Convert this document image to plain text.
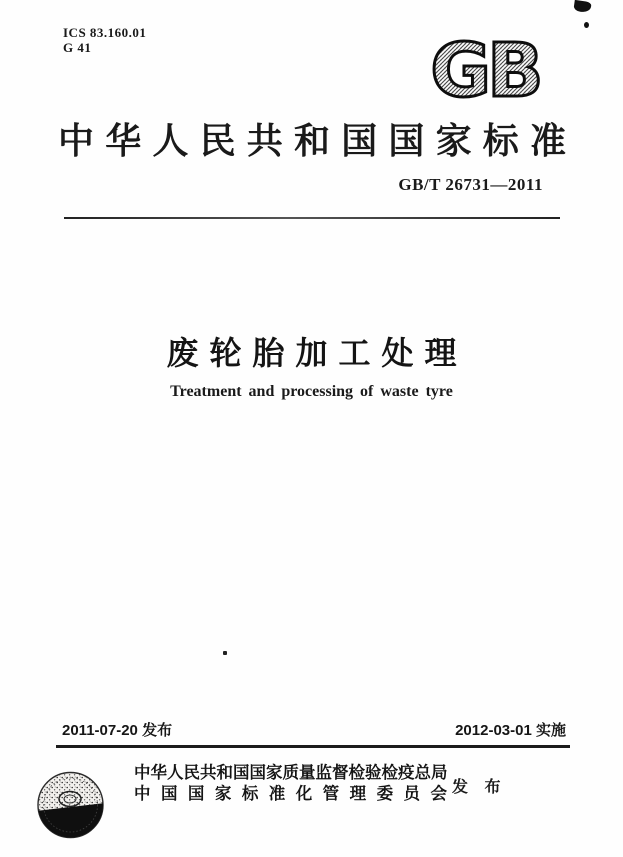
ICS 83.160.01
G 41	GB
中华人民共和国国家标准
GB/T 26731—2011
废轮胎加工处理
Treatment and processing of waste tyre
2011-07-20 发布	2012-03-01 实施
中华人民共和国国家质量监督检验检疫总局
中国国家标准化管理委员会 发 布
